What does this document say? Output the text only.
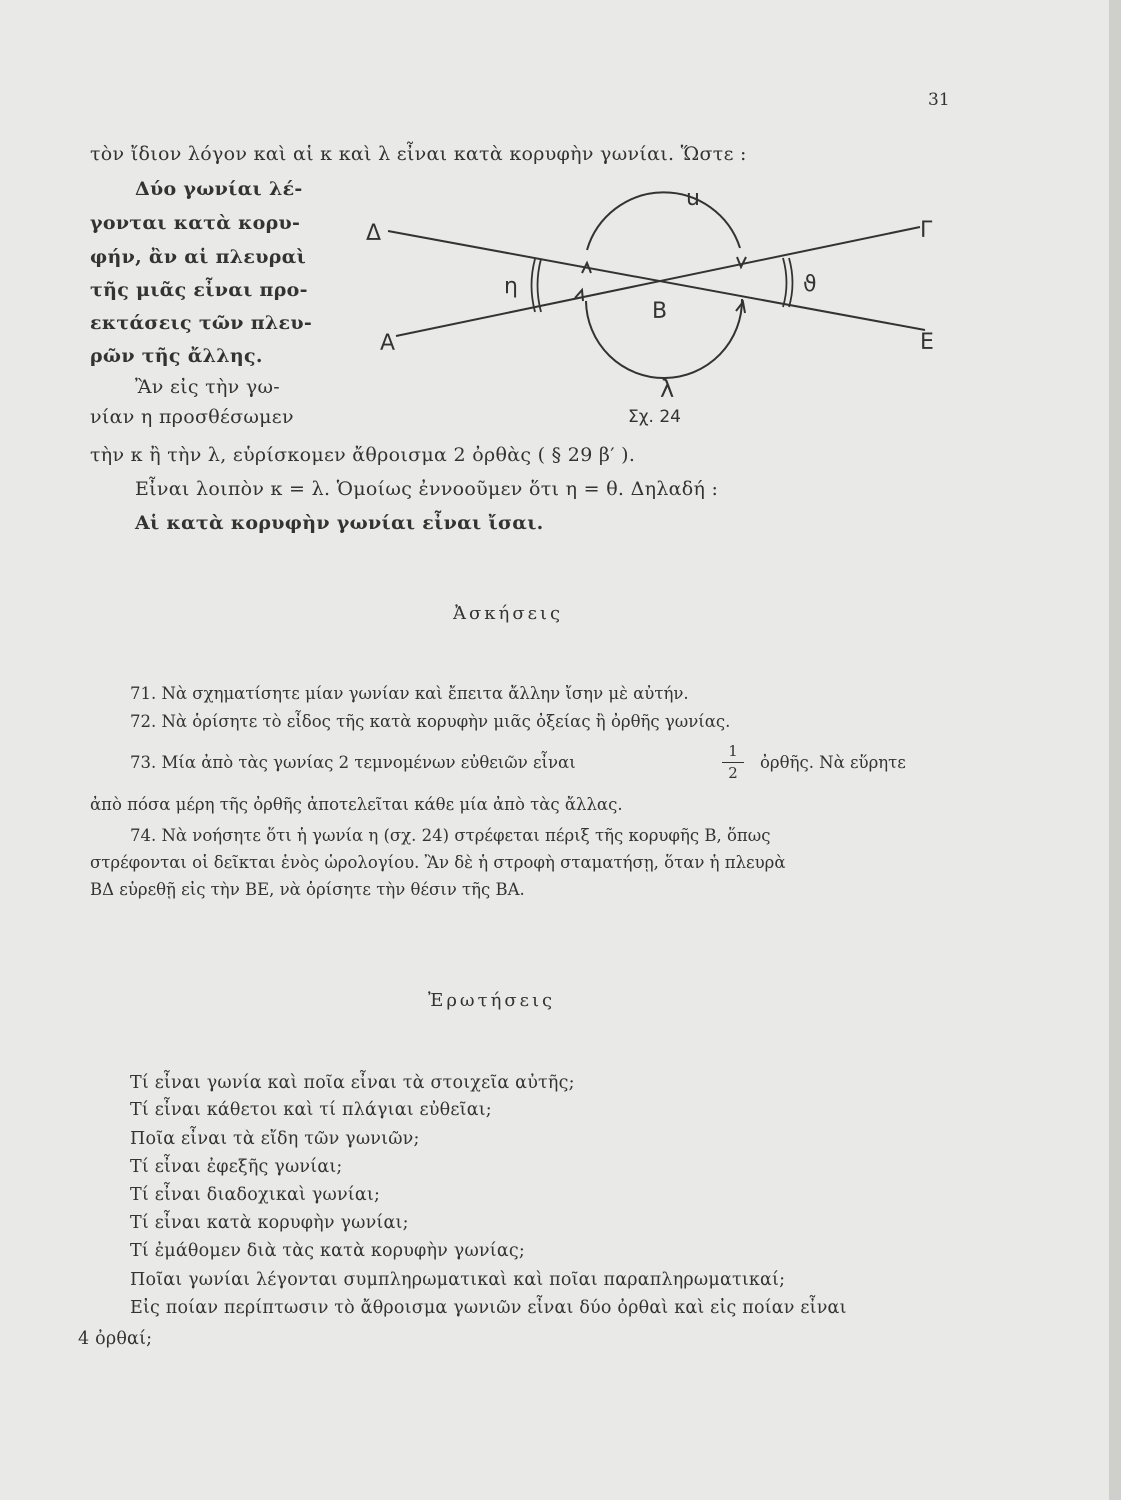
31
τὸν ἴδιον λόγον καὶ αἱ κ καὶ λ εἶναι κατὰ κορυφὴν γωνίαι. Ὥστε :
Δύο γωνίαι λέ-
γονται κατὰ κορυ-
φήν, ἂν αἱ πλευραὶ
τῆς μιᾶς εἶναι προ-
εκτάσεις τῶν πλευ-
ρῶν τῆς ἄλλης.
Ἂν εἰς τὴν γω-
νίαν η προσθέσωμεν
u
λ
η	ϑ
Β
Δ
Α
Γ
Ε
Σχ. 24
τὴν κ ἢ τὴν λ, εὑρίσκομεν ἄθροισμα 2 ὀρθὰς ( § 29 β′ ).
Εἶναι λοιπὸν κ = λ. Ὁμοίως ἐννοοῦμεν ὅτι η = θ. Δηλαδή :
Αἱ κατὰ κορυφὴν γωνίαι εἶναι ἴσαι.
Ἀσκήσεις
71. Νὰ σχηματίσητε μίαν γωνίαν καὶ ἔπειτα ἄλλην ἴσην μὲ αὐτήν.
72. Νὰ ὁρίσητε τὸ εἶδος τῆς κατὰ κορυφὴν μιᾶς ὀξείας ἢ ὀρθῆς γωνίας.
73. Μία ἀπὸ τὰς γωνίας 2 τεμνομένων εὐθειῶν εἶναι
1
2
ὀρθῆς. Νὰ εὕρητε
ἀπὸ πόσα μέρη τῆς ὀρθῆς ἀποτελεῖται κάθε μία ἀπὸ τὰς ἄλλας.
74. Νὰ νοήσητε ὅτι ἡ γωνία η (σχ. 24) στρέφεται πέριξ τῆς κορυφῆς Β, ὅπως
στρέφονται οἱ δεῖκται ἑνὸς ὡρολογίου. Ἂν δὲ ἡ στροφὴ σταματήσῃ, ὅταν ἡ πλευρὰ
ΒΔ εὑρεθῇ εἰς τὴν ΒΕ, νὰ ὁρίσητε τὴν θέσιν τῆς ΒΑ.
Ἐρωτήσεις
Τί εἶναι γωνία καὶ ποῖα εἶναι τὰ στοιχεῖα αὐτῆς;
Τί εἶναι κάθετοι καὶ τί πλάγιαι εὐθεῖαι;
Ποῖα εἶναι τὰ εἴδη τῶν γωνιῶν;
Τί εἶναι ἐφεξῆς γωνίαι;
Τί εἶναι διαδοχικαὶ γωνίαι;
Τί εἶναι κατὰ κορυφὴν γωνίαι;
Τί ἐμάθομεν διὰ τὰς κατὰ κορυφὴν γωνίας;
Ποῖαι γωνίαι λέγονται συμπληρωματικαὶ καὶ ποῖαι παραπληρωματικαί;
Εἰς ποίαν περίπτωσιν τὸ ἄθροισμα γωνιῶν εἶναι δύο ὀρθαὶ καὶ εἰς ποίαν εἶναι
4 ὀρθαί;
